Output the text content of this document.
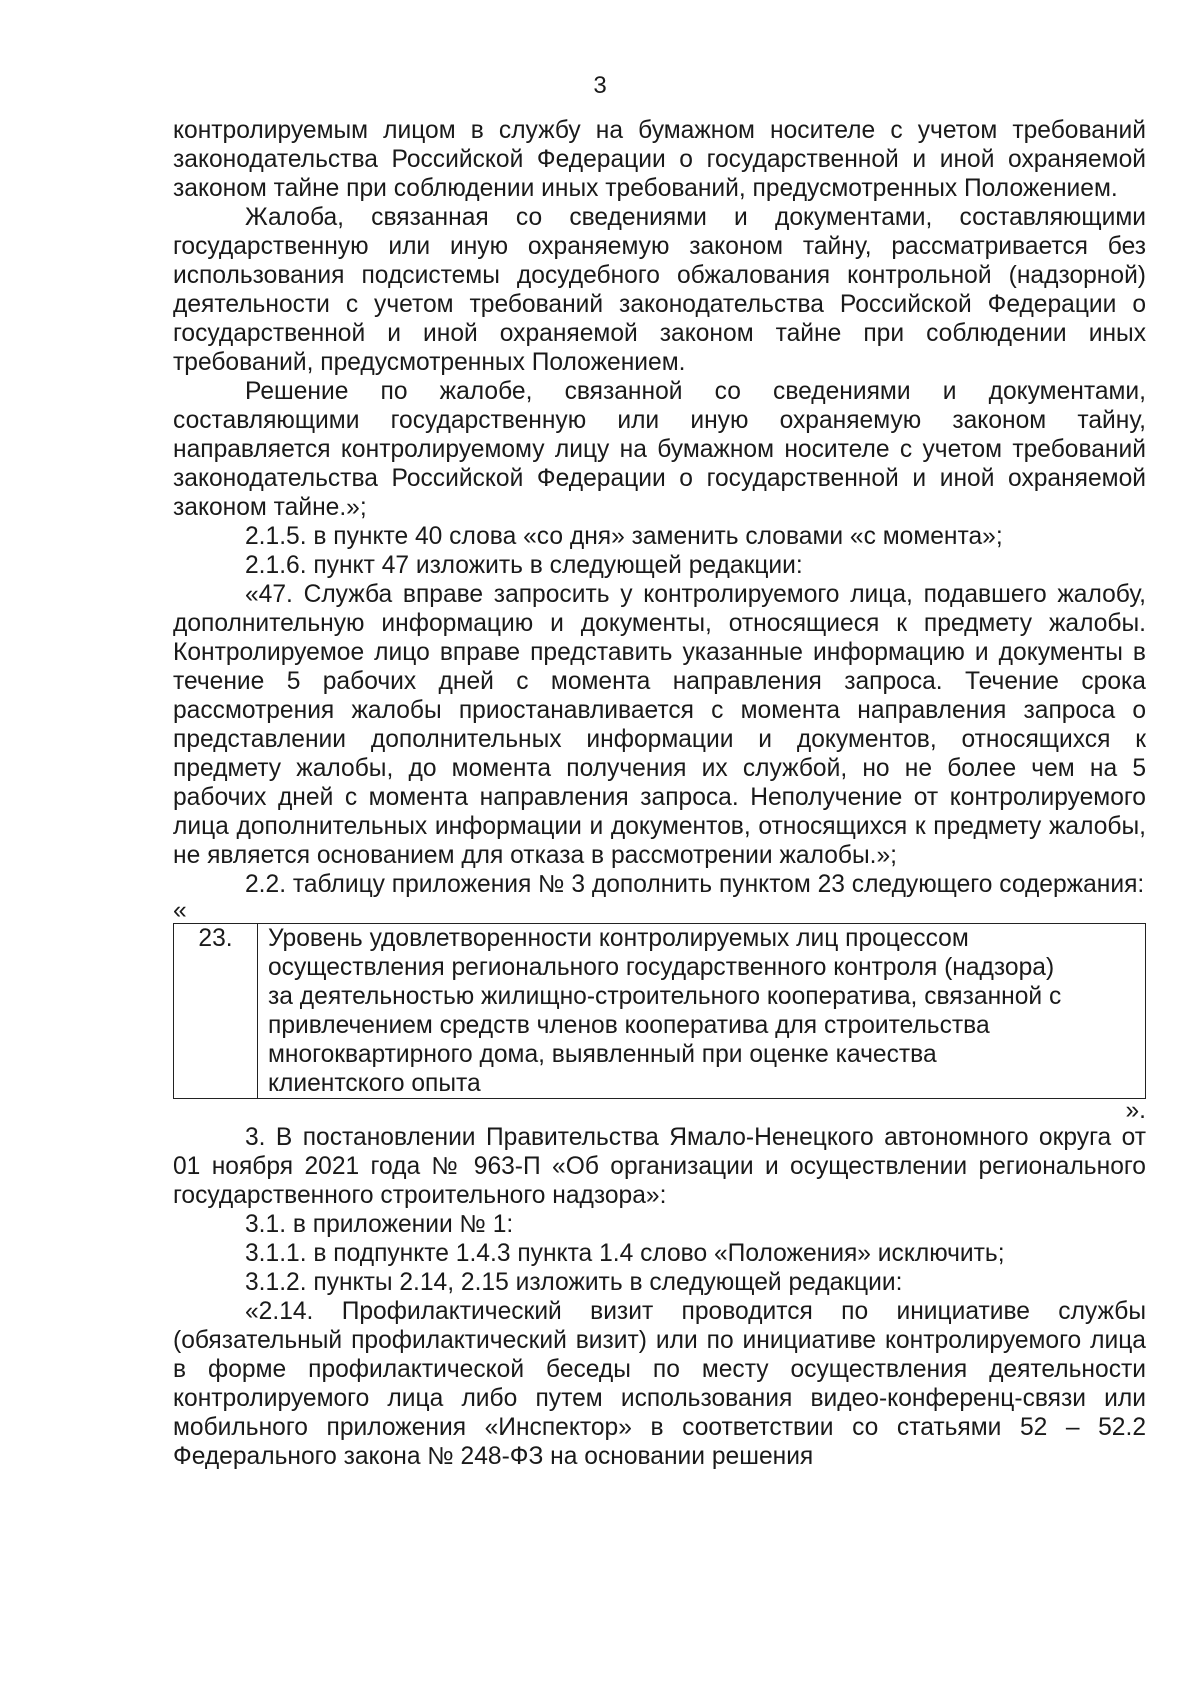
3

контролируемым лицом в службу на бумажном носителе с учетом требований законодательства Российской Федерации о государственной и иной охраняемой законом тайне при соблюдении иных требований, предусмотренных Положением.

Жалоба, связанная со сведениями и документами, составляющими государственную или иную охраняемую законом тайну, рассматривается без использования подсистемы досудебного обжалования контрольной (надзорной) деятельности с учетом требований законодательства Российской Федерации о государственной и иной охраняемой законом тайне при соблюдении иных требований, предусмотренных Положением.

Решение по жалобе, связанной со сведениями и документами, составляющими государственную или иную охраняемую законом тайну, направляется контролируемому лицу на бумажном носителе с учетом требований законодательства Российской Федерации о государственной и иной охраняемой законом тайне.»;

2.1.5. в пункте 40 слова «со дня» заменить словами «с момента»;

2.1.6. пункт 47 изложить в следующей редакции:

«47. Служба вправе запросить у контролируемого лица, подавшего жалобу, дополнительную информацию и документы, относящиеся к предмету жалобы. Контролируемое лицо вправе представить указанные информацию и документы в течение 5 рабочих дней с момента направления запроса. Течение срока рассмотрения жалобы приостанавливается с момента направления запроса о представлении дополнительных информации и документов, относящихся к предмету жалобы, до момента получения их службой, но не более чем на 5 рабочих дней с момента направления запроса. Неполучение от контролируемого лица дополнительных информации и документов, относящихся к предмету жалобы, не является основанием для отказа в рассмотрении жалобы.»;

2.2. таблицу приложения № 3 дополнить пунктом 23 следующего содержания:

«

23.	Уровень удовлетворенности контролируемых лиц процессом
осуществления регионального государственного контроля (надзора)
за деятельностью жилищно-строительного кооператива, связанной с
привлечением средств членов кооператива для строительства
многоквартирного дома, выявленный при оценке качества
клиентского опыта

».

3. В постановлении Правительства Ямало-Ненецкого автономного округа от 01 ноября 2021 года № 963-П «Об организации и осуществлении регионального государственного строительного надзора»:

3.1. в приложении № 1:

3.1.1. в подпункте 1.4.3 пункта 1.4 слово «Положения» исключить;

3.1.2. пункты 2.14, 2.15 изложить в следующей редакции:

«2.14. Профилактический визит проводится по инициативе службы (обязательный профилактический визит) или по инициативе контролируемого лица в форме профилактической беседы по месту осуществления деятельности контролируемого лица либо путем использования видео-конференц-связи или мобильного приложения «Инспектор» в соответствии со статьями 52 – 52.2 Федерального закона № 248-ФЗ на основании решения
